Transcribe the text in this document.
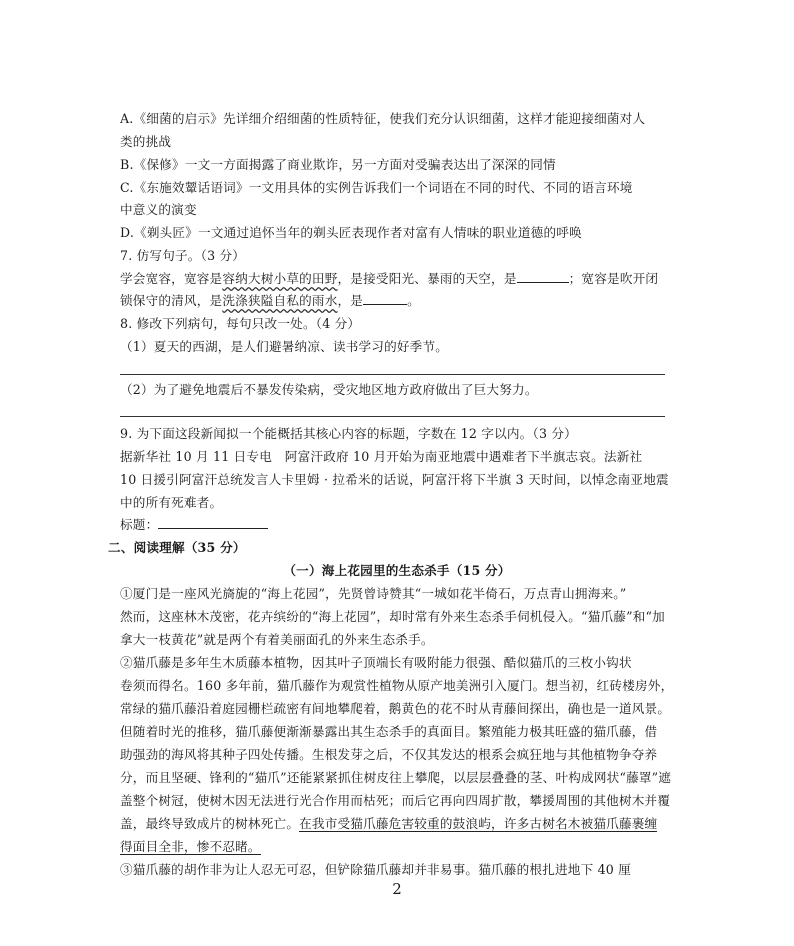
A.《细菌的启示》先详细介绍细菌的性质特征，使我们充分认识细菌，这样才能迎接细菌对人
类的挑战
B.《保修》一文一方面揭露了商业欺诈，另一方面对受骗表达出了深深的同情
C.《东施效颦话语词》一文用具体的实例告诉我们一个词语在不同的时代、不同的语言环境
中意义的演变
D.《剃头匠》一文通过追怀当年的剃头匠表现作者对富有人情味的职业道德的呼唤
7. 仿写句子。（3 分）
学会宽容，宽容是容纳大树小草的田野，是接受阳光、暴雨的天空，是	；宽容是吹开闭
锁保守的清风，是洗涤狭隘自私的雨水，是	。
8. 修改下列病句，每句只改一处。（4 分）
（1）夏天的西湖，是人们避暑纳凉、读书学习的好季节。
（2）为了避免地震后不暴发传染病，受灾地区地方政府做出了巨大努力。
9. 为下面这段新闻拟一个能概括其核心内容的标题，字数在 12 字以内。（3 分）
据新华社 10 月 11 日专电　阿富汗政府 10 月开始为南亚地震中遇难者下半旗志哀。法新社
10 日援引阿富汗总统发言人卡里姆 · 拉希米的话说，阿富汗将下半旗 3 天时间，以悼念南亚地震
中的所有死难者。
标题：
二、阅读理解（35 分）
（一）海上花园里的生态杀手（15 分）
①厦门是一座风光旖旎的“海上花园”，先贤曾诗赞其“一城如花半倚石，万点青山拥海来。”
然而，这座林木茂密，花卉缤纷的“海上花园”，却时常有外来生态杀手伺机侵入。“猫爪藤”和“加
拿大一枝黄花”就是两个有着美丽面孔的外来生态杀手。
②猫爪藤是多年生木质藤本植物，因其叶子顶端长有吸附能力很强、酷似猫爪的三枚小钩状
卷须而得名。160 多年前，猫爪藤作为观赏性植物从原产地美洲引入厦门。想当初，红砖楼房外，
常绿的猫爪藤沿着庭园栅栏疏密有间地攀爬着，鹅黄色的花不时从青藤间探出，确也是一道风景。
但随着时光的推移，猫爪藤便渐渐暴露出其生态杀手的真面目。繁殖能力极其旺盛的猫爪藤，借
助强劲的海风将其种子四处传播。生根发芽之后，不仅其发达的根系会疯狂地与其他植物争夺养
分，而且坚硬、锋利的“猫爪”还能紧紧抓住树皮往上攀爬，以层层叠叠的茎、叶构成网状“藤罩”遮
盖整个树冠，使树木因无法进行光合作用而枯死；而后它再向四周扩散，攀援周围的其他树木并覆
盖，最终导致成片的树林死亡。在我市受猫爪藤危害较重的鼓浪屿，许多古树名木被猫爪藤裹缠
得面目全非，惨不忍睹。
③猫爪藤的胡作非为让人忍无可忍，但铲除猫爪藤却并非易事。猫爪藤的根扎进地下 40 厘
2
